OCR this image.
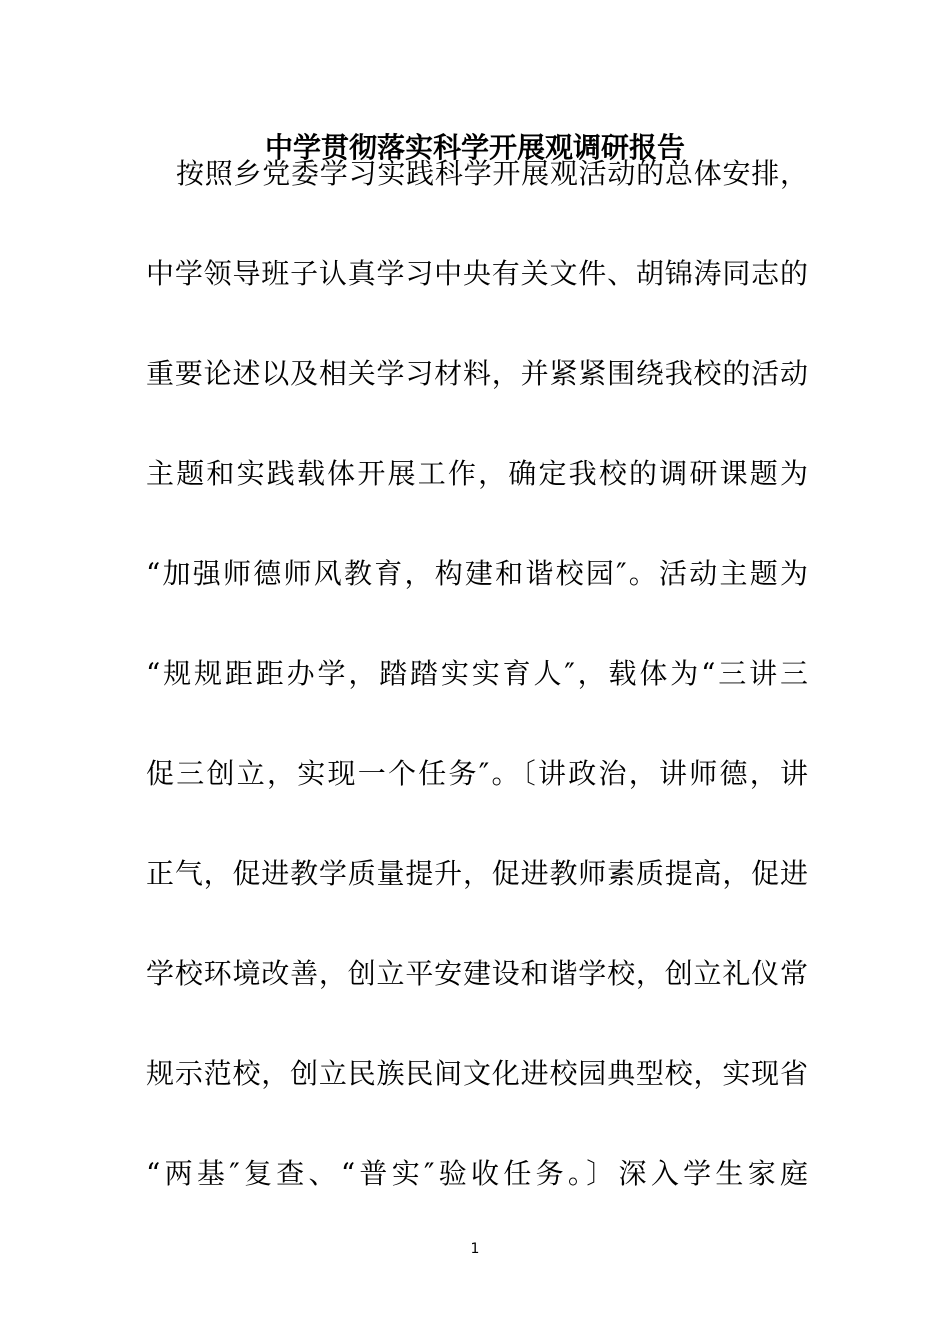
中学贯彻落实科学开展观调研报告
按照乡党委学习实践科学开展观活动的总体安排，
中学领导班子认真学习中央有关文件、胡锦涛同志的
重要论述以及相关学习材料，并紧紧围绕我校的活动
主题和实践载体开展工作，确定我校的调研课题为
“加强师德师风教育，构建和谐校园″。活动主题为
“规规距距办学，踏踏实实育人″，载体为“三讲三
促三创立，实现一个任务″。〔讲政治，讲师德，讲
正气，促进教学质量提升，促进教师素质提高，促进
学校环境改善，创立平安建设和谐学校，创立礼仪常
规示范校，创立民族民间文化进校园典型校，实现省
“两基″复查、“普实″验收任务。〕深入学生家庭
1
